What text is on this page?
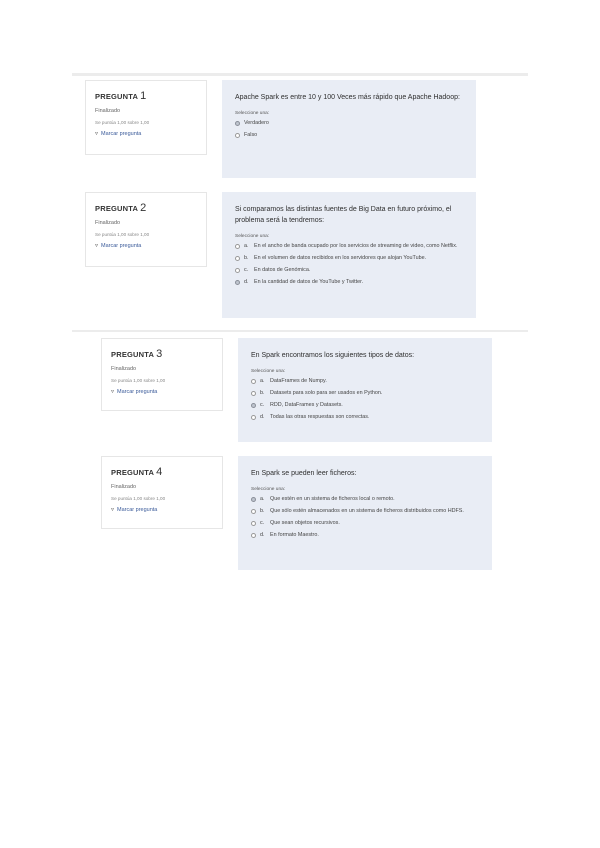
PREGUNTA 1
Finalizado
Se puntúa 1,00 sobre 1,00
▿ Marcar pregunta
Apache Spark es entre 10 y 100 Veces más rápido que Apache Hadoop:
Seleccione una:
Verdadero
Falso
PREGUNTA 2
Finalizado
Se puntúa 1,00 sobre 1,00
▿ Marcar pregunta
Si comparamos las distintas fuentes de Big Data en futuro próximo, el problema será la tendremos:
Seleccione una:
a.	En el ancho de banda ocupado por los servicios de streaming de video, como Netflix.
b.	En el volumen de datos recibidos en los servidores que alojan YouTube.
c.	En datos de Genómica.
d.	En la cantidad de datos de YouTube y Twitter.
PREGUNTA 3
Finalizado
Se puntúa 1,00 sobre 1,00
▿ Marcar pregunta
En Spark encontramos los siguientes tipos de datos:
Seleccione una:
a.	DataFrames de Numpy.
b.	Datasets para solo para ser usados en Python.
c.	RDD, DataFrames y Datasets.
d.	Todas las otras respuestas son correctas.
PREGUNTA 4
Finalizado
Se puntúa 1,00 sobre 1,00
▿ Marcar pregunta
En Spark se pueden leer ficheros:
Seleccione una:
a.	Que estén en un sistema de ficheros local o remoto.
b.	Que sólo estén almacenados en un sistema de ficheros distribuidos como HDFS.
c.	Que sean objetos recursivos.
d.	En formato Maestro.
